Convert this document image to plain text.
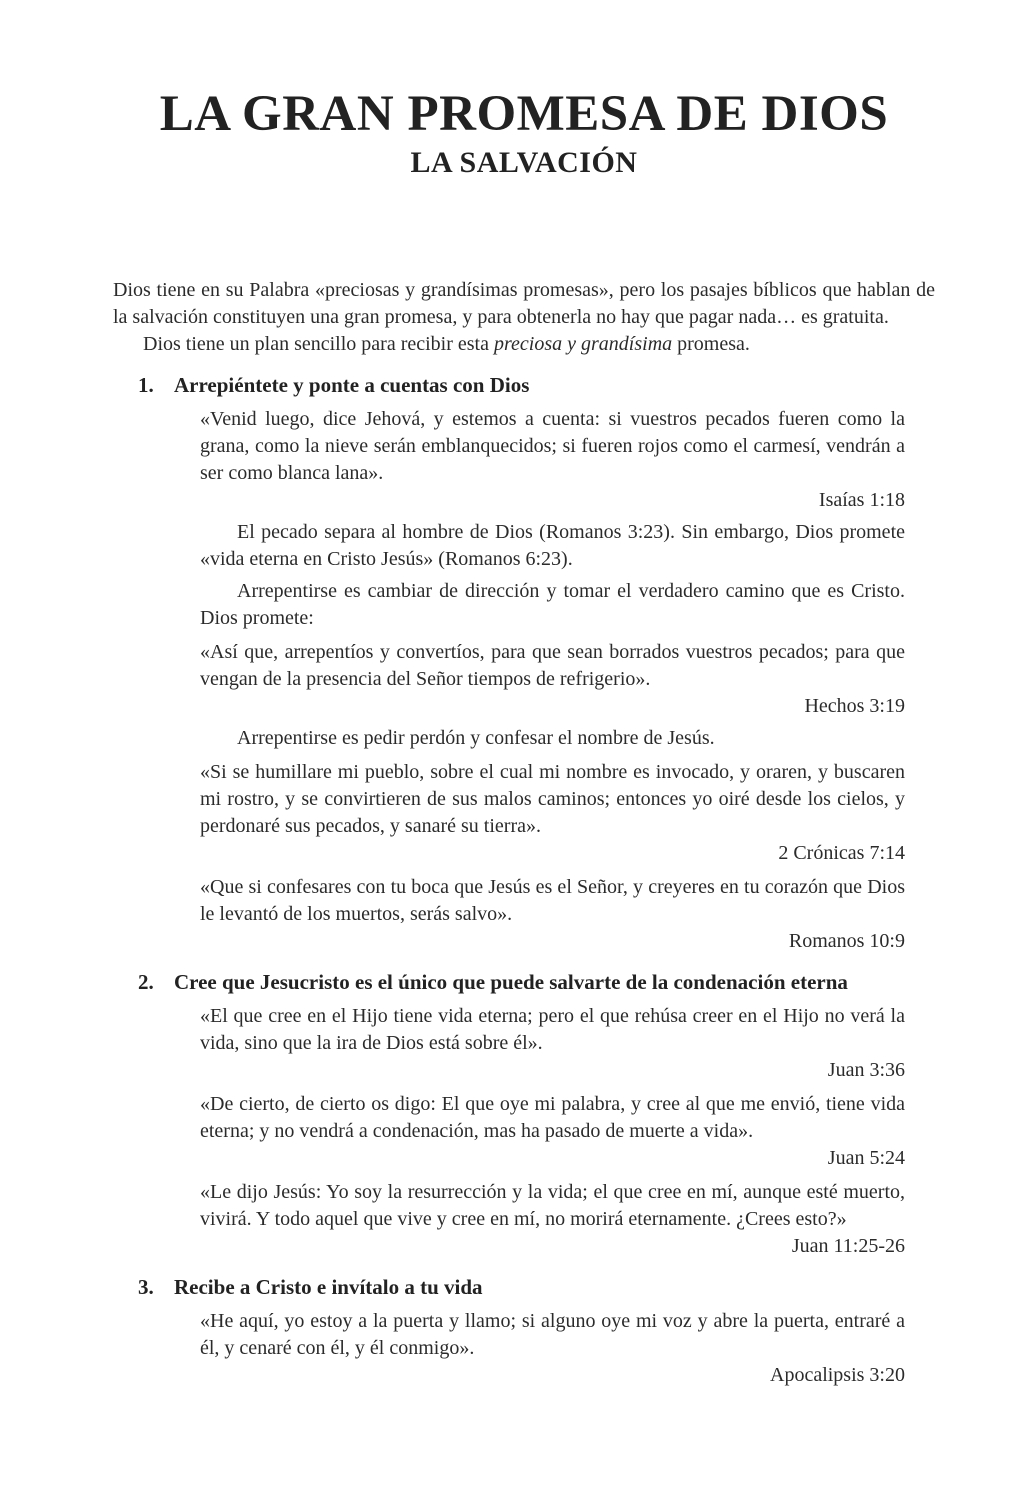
LA GRAN PROMESA DE DIOS
LA SALVACIÓN

Dios tiene en su Palabra «preciosas y grandísimas promesas», pero los pasajes bíblicos que hablan de la salvación constituyen una gran promesa, y para obtenerla no hay que pagar nada… es gratuita.

Dios tiene un plan sencillo para recibir esta preciosa y grandísima promesa.

1. Arrepiéntete y ponte a cuentas con Dios

«Venid luego, dice Jehová, y estemos a cuenta: si vuestros pecados fueren como la grana, como la nieve serán emblanquecidos; si fueren rojos como el carmesí, vendrán a ser como blanca lana».

Isaías 1:18

El pecado separa al hombre de Dios (Romanos 3:23). Sin embargo, Dios promete «vida eterna en Cristo Jesús» (Romanos 6:23).

Arrepentirse es cambiar de dirección y tomar el verdadero camino que es Cristo. Dios promete:

«Así que, arrepentíos y convertíos, para que sean borrados vuestros pecados; para que vengan de la presencia del Señor tiempos de refrigerio».

Hechos 3:19

Arrepentirse es pedir perdón y confesar el nombre de Jesús.

«Si se humillare mi pueblo, sobre el cual mi nombre es invocado, y oraren, y buscaren mi rostro, y se convirtieren de sus malos caminos; entonces yo oiré desde los cielos, y perdonaré sus pecados, y sanaré su tierra».

2 Crónicas 7:14

«Que si confesares con tu boca que Jesús es el Señor, y creyeres en tu corazón que Dios le levantó de los muertos, serás salvo».

Romanos 10:9

2. Cree que Jesucristo es el único que puede salvarte de la condenación eterna

«El que cree en el Hijo tiene vida eterna; pero el que rehúsa creer en el Hijo no verá la vida, sino que la ira de Dios está sobre él».

Juan 3:36

«De cierto, de cierto os digo: El que oye mi palabra, y cree al que me envió, tiene vida eterna; y no vendrá a condenación, mas ha pasado de muerte a vida».

Juan 5:24

«Le dijo Jesús: Yo soy la resurrección y la vida; el que cree en mí, aunque esté muerto, vivirá. Y todo aquel que vive y cree en mí, no morirá eternamente. ¿Crees esto?»

Juan 11:25-26

3. Recibe a Cristo e invítalo a tu vida

«He aquí, yo estoy a la puerta y llamo; si alguno oye mi voz y abre la puerta, entraré a él, y cenaré con él, y él conmigo».

Apocalipsis 3:20
